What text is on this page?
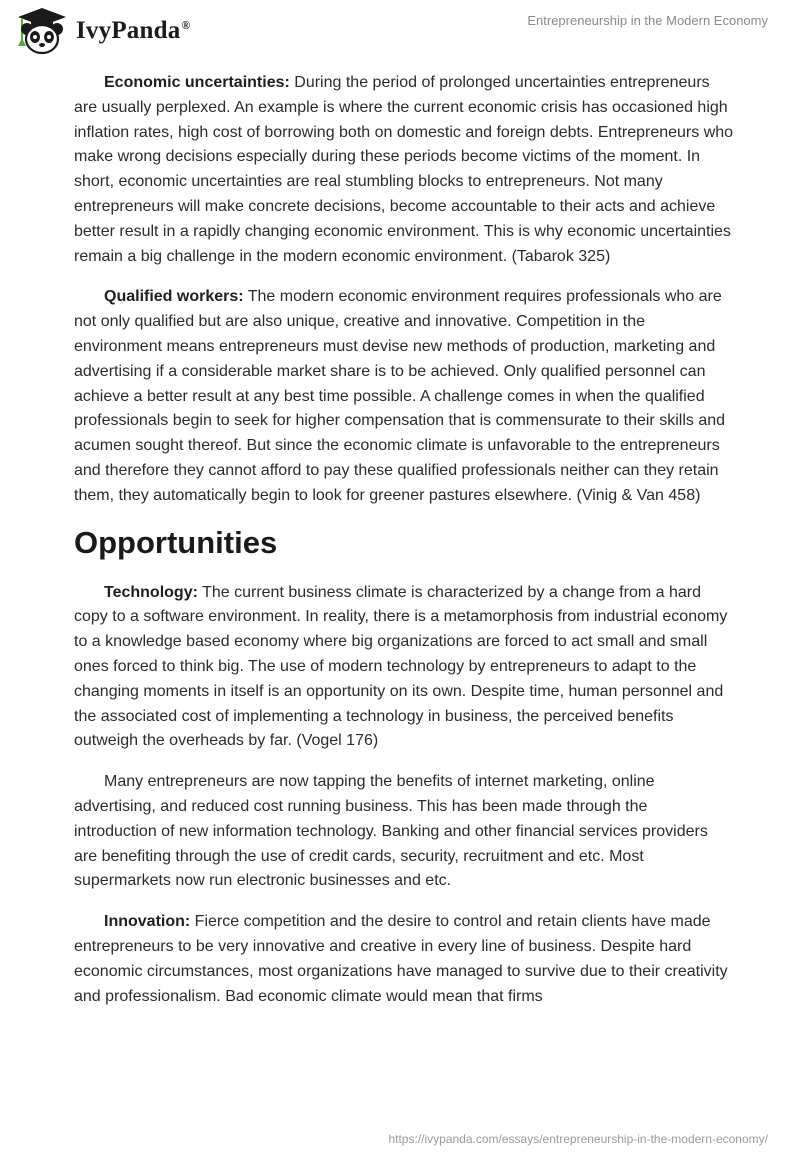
IvyPanda®	Entrepreneurship in the Modern Economy

Economic uncertainties: During the period of prolonged uncertainties entrepreneurs are usually perplexed. An example is where the current economic crisis has occasioned high inflation rates, high cost of borrowing both on domestic and foreign debts. Entrepreneurs who make wrong decisions especially during these periods become victims of the moment. In short, economic uncertainties are real stumbling blocks to entrepreneurs. Not many entrepreneurs will make concrete decisions, become accountable to their acts and achieve better result in a rapidly changing economic environment. This is why economic uncertainties remain a big challenge in the modern economic environment. (Tabarok 325)

Qualified workers: The modern economic environment requires professionals who are not only qualified but are also unique, creative and innovative. Competition in the environment means entrepreneurs must devise new methods of production, marketing and advertising if a considerable market share is to be achieved. Only qualified personnel can achieve a better result at any best time possible. A challenge comes in when the qualified professionals begin to seek for higher compensation that is commensurate to their skills and acumen sought thereof. But since the economic climate is unfavorable to the entrepreneurs and therefore they cannot afford to pay these qualified professionals neither can they retain them, they automatically begin to look for greener pastures elsewhere. (Vinig & Van 458)

Opportunities

Technology: The current business climate is characterized by a change from a hard copy to a software environment. In reality, there is a metamorphosis from industrial economy to a knowledge based economy where big organizations are forced to act small and small ones forced to think big. The use of modern technology by entrepreneurs to adapt to the changing moments in itself is an opportunity on its own. Despite time, human personnel and the associated cost of implementing a technology in business, the perceived benefits outweigh the overheads by far. (Vogel 176)

Many entrepreneurs are now tapping the benefits of internet marketing, online advertising, and reduced cost running business. This has been made through the introduction of new information technology. Banking and other financial services providers are benefiting through the use of credit cards, security, recruitment and etc. Most supermarkets now run electronic businesses and etc.

Innovation: Fierce competition and the desire to control and retain clients have made entrepreneurs to be very innovative and creative in every line of business. Despite hard economic circumstances, most organizations have managed to survive due to their creativity and professionalism. Bad economic climate would mean that firms

https://ivypanda.com/essays/entrepreneurship-in-the-modern-economy/
